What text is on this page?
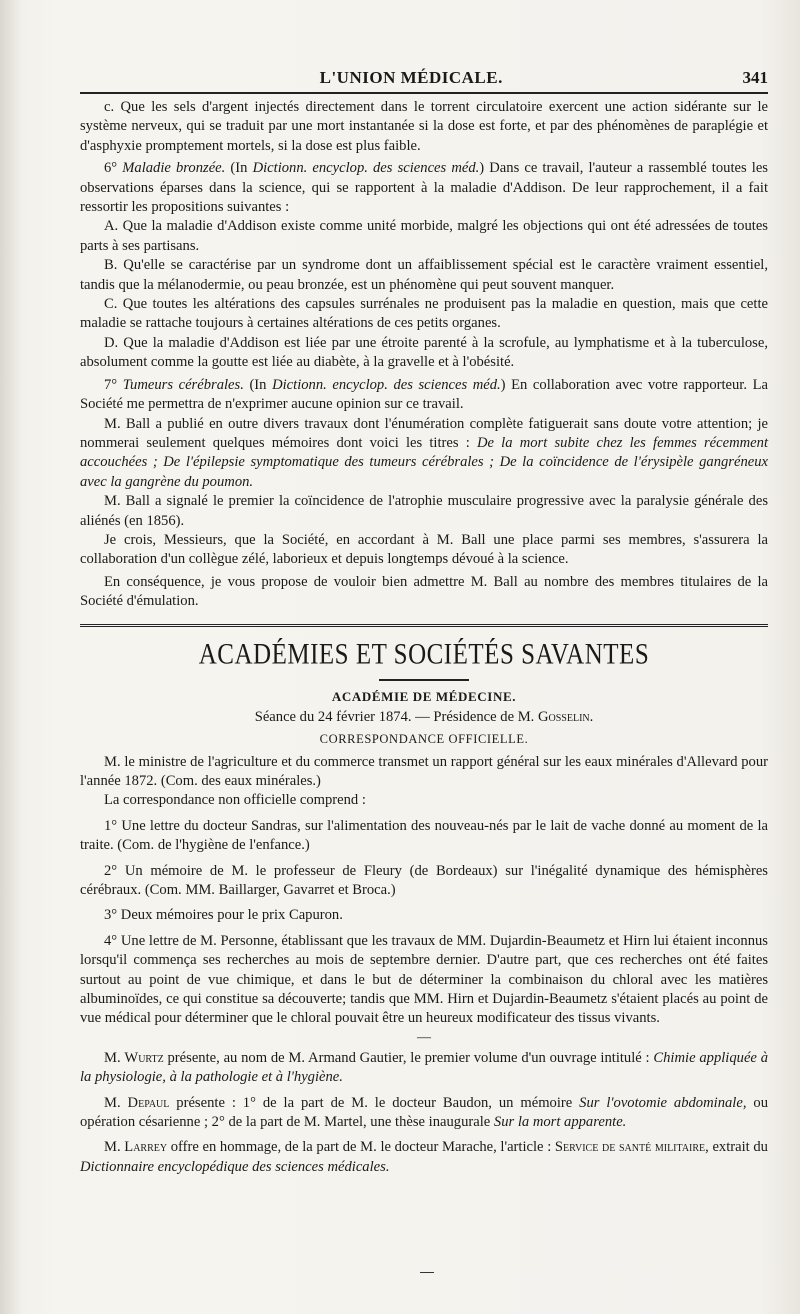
L'UNION MÉDICALE.	341

c. Que les sels d'argent injectés directement dans le torrent circulatoire exercent une action sidérante sur le système nerveux, qui se traduit par une mort instantanée si la dose est forte, et par des phénomènes de paraplégie et d'asphyxie promptement mortels, si la dose est plus faible.

6° Maladie bronzée. (In Dictionn. encyclop. des sciences méd.) Dans ce travail, l'auteur a rassemblé toutes les observations éparses dans la science, qui se rapportent à la maladie d'Addison. De leur rapprochement, il a fait ressortir les propositions suivantes :

A. Que la maladie d'Addison existe comme unité morbide, malgré les objections qui ont été adressées de toutes parts à ses partisans.

B. Qu'elle se caractérise par un syndrome dont un affaiblissement spécial est le caractère vraiment essentiel, tandis que la mélanodermie, ou peau bronzée, est un phénomène qui peut souvent manquer.

C. Que toutes les altérations des capsules surrénales ne produisent pas la maladie en question, mais que cette maladie se rattache toujours à certaines altérations de ces petits organes.

D. Que la maladie d'Addison est liée par une étroite parenté à la scrofule, au lymphatisme et à la tuberculose, absolument comme la goutte est liée au diabète, à la gravelle et à l'obésité.

7° Tumeurs cérébrales. (In Dictionn. encyclop. des sciences méd.) En collaboration avec votre rapporteur. La Société me permettra de n'exprimer aucune opinion sur ce travail.

M. Ball a publié en outre divers travaux dont l'énumération complète fatiguerait sans doute votre attention; je nommerai seulement quelques mémoires dont voici les titres : De la mort subite chez les femmes récemment accouchées ; De l'épilepsie symptomatique des tumeurs cérébrales ; De la coïncidence de l'érysipèle gangréneux avec la gangrène du poumon.

M. Ball a signalé le premier la coïncidence de l'atrophie musculaire progressive avec la paralysie générale des aliénés (en 1856).

Je crois, Messieurs, que la Société, en accordant à M. Ball une place parmi ses membres, s'assurera la collaboration d'un collègue zélé, laborieux et depuis longtemps dévoué à la science.

En conséquence, je vous propose de vouloir bien admettre M. Ball au nombre des membres titulaires de la Société d'émulation.

ACADÉMIES ET SOCIÉTÉS SAVANTES
ACADÉMIE DE MÉDECINE.
Séance du 24 février 1874. — Présidence de M. Gosselin.
CORRESPONDANCE OFFICIELLE.

M. le ministre de l'agriculture et du commerce transmet un rapport général sur les eaux minérales d'Allevard pour l'année 1872. (Com. des eaux minérales.)

La correspondance non officielle comprend :

1° Une lettre du docteur Sandras, sur l'alimentation des nouveau-nés par le lait de vache donné au moment de la traite. (Com. de l'hygiène de l'enfance.)

2° Un mémoire de M. le professeur de Fleury (de Bordeaux) sur l'inégalité dynamique des hémisphères cérébraux. (Com. MM. Baillarger, Gavarret et Broca.)

3° Deux mémoires pour le prix Capuron.

4° Une lettre de M. Personne, établissant que les travaux de MM. Dujardin-Beaumetz et Hirn lui étaient inconnus lorsqu'il commença ses recherches au mois de septembre dernier. D'autre part, que ces recherches ont été faites surtout au point de vue chimique, et dans le but de déterminer la combinaison du chloral avec les matières albuminoïdes, ce qui constitue sa découverte; tandis que MM. Hirn et Dujardin-Beaumetz s'étaient placés au point de vue médical pour déterminer que le chloral pouvait être un heureux modificateur des tissus vivants.

—

M. Wurtz présente, au nom de M. Armand Gautier, le premier volume d'un ouvrage intitulé : Chimie appliquée à la physiologie, à la pathologie et à l'hygiène.

M. Depaul présente : 1° de la part de M. le docteur Baudon, un mémoire Sur l'ovotomie abdominale, ou opération césarienne ; 2° de la part de M. Martel, une thèse inaugurale Sur la mort apparente.

M. Larrey offre en hommage, de la part de M. le docteur Marache, l'article : Service de santé militaire, extrait du Dictionnaire encyclopédique des sciences médicales.
